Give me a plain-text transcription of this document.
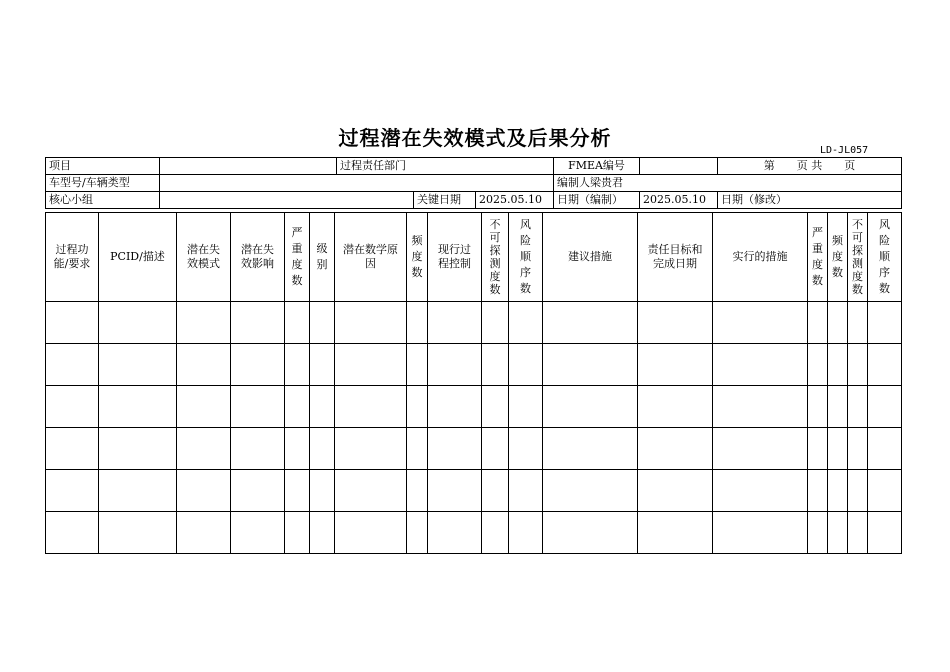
过程潜在失效模式及后果分析
LD-JL057
项目		过程责任部门		FMEA编号		第　　页 共　　页
车型号/车辆类型				编制人梁贵君		
核心小组			关键日期 2025.05.10	日期（编制）	2025.05.10	日期（修改）
过程功能/要求	PCID/描述	潜在失效模式	潜在失效影响	严重度数	级别	潜在数学原因	频度数	现行过程控制	不可探测度数	风险顺序数	建议措施	责任目标和完成日期	实行的措施	严重度数	频度数	不可探测度数	风险顺序数
